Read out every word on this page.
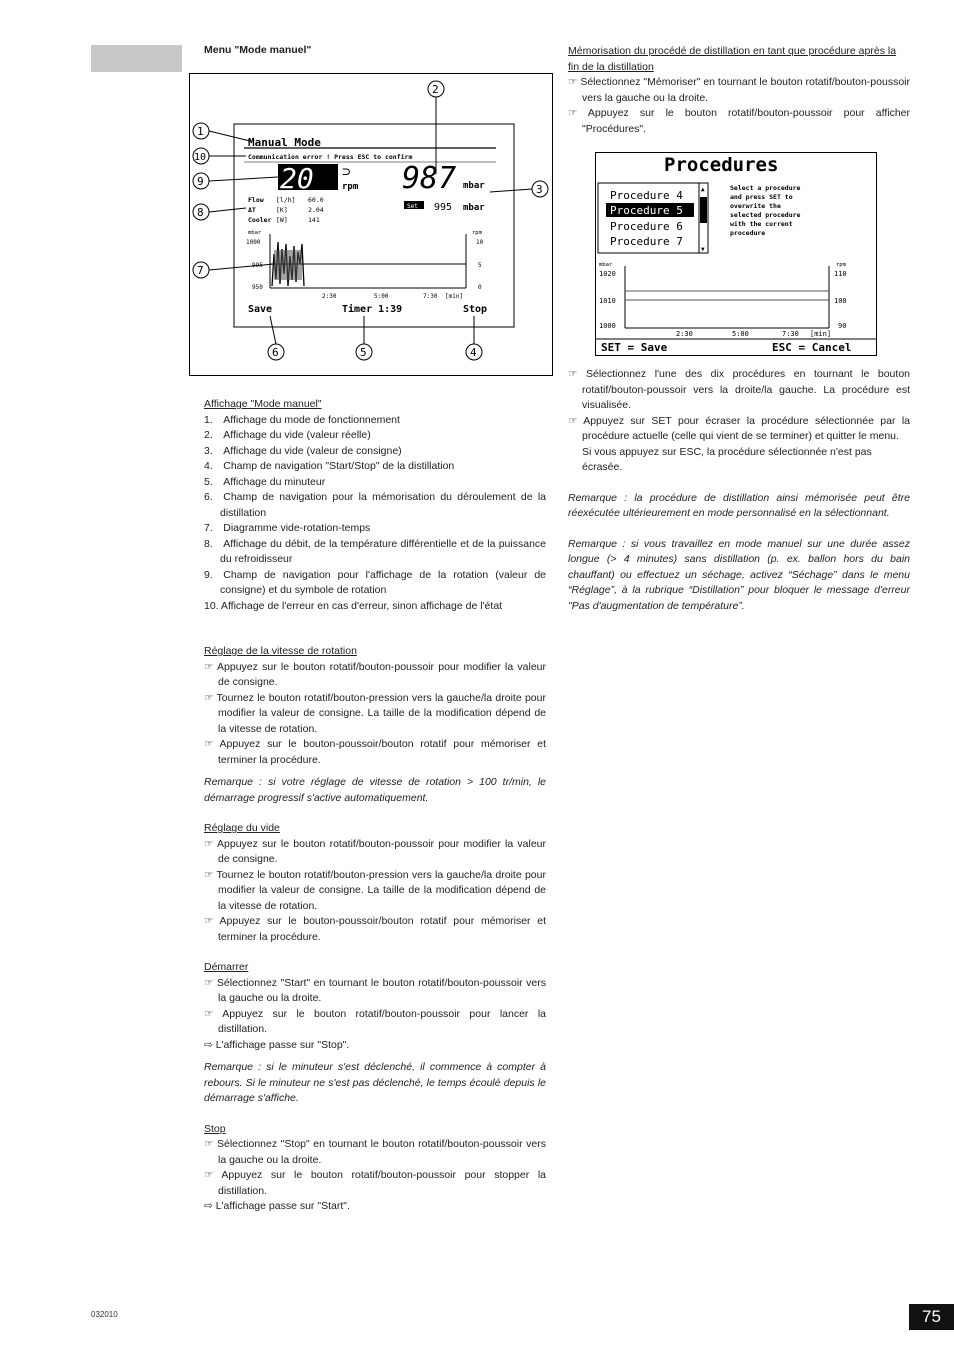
Menu "Mode manuel"
Manual Mode
Communication error ! Press ESC to confirm
20 ⊃
rpm 987 mbar
Set 995 mbar
Flow [l/h] 60.0
ΔT	[K]	2.04
Cooler [W]	141
mbar	rpm
1000
950
10
5
0
2:30	5:00	7:30 [min]
Save	Timer 1:39	Stop
1
2
3
4
5
6
7
8
9
10

Affichage "Mode manuel"

1. Affichage du mode de fonctionnement

2. Affichage du vide (valeur réelle)

3. Affichage du vide (valeur de consigne)

4. Champ de navigation "Start/Stop" de la distillation

5. Affichage du minuteur

6. Champ de navigation pour la mémorisation du déroulement de la distillation

7. Diagramme vide-rotation-temps

8. Affichage du débit, de la température différentielle et de la puissance du refroidisseur

9. Champ de navigation pour l'affichage de la rotation (valeur de consigne) et du symbole de rotation

10. Affichage de l'erreur en cas d'erreur, sinon affichage de l'état

Réglage de la vitesse de rotation

☞ Appuyez sur le bouton rotatif/bouton-poussoir pour modifier la valeur de consigne.

☞ Tournez le bouton rotatif/bouton-pression vers la gauche/la droite pour modifier la valeur de consigne. La taille de la modification dépend de la vitesse de rotation.

☞ Appuyez sur le bouton-poussoir/bouton rotatif pour mémoriser et terminer la procédure.

Remarque : si votre réglage de vitesse de rotation > 100 tr/min, le démarrage progressif s'active automatiquement.

Réglage du vide

☞ Appuyez sur le bouton rotatif/bouton-poussoir pour modifier la valeur de consigne.

☞ Tournez le bouton rotatif/bouton-pression vers la gauche/la droite pour modifier la valeur de consigne. La taille de la modification dépend de la vitesse de rotation.

☞ Appuyez sur le bouton-poussoir/bouton rotatif pour mémoriser et terminer la procédure.

Démarrer

☞ Sélectionnez "Start" en tournant le bouton rotatif/bouton-poussoir vers la gauche ou la droite.

☞ Appuyez sur le bouton rotatif/bouton-poussoir pour lancer la distillation.

⇨ L'affichage passe sur "Stop".

Remarque : si le minuteur s'est déclenché, il commence à compter à rebours. Si le minuteur ne s'est pas déclenché, le temps écoulé depuis le démarrage s'affiche.

Stop

☞ Sélectionnez "Stop" en tournant le bouton rotatif/bouton-poussoir vers la gauche ou la droite.

☞ Appuyez sur le bouton rotatif/bouton-poussoir pour stopper la distillation.

⇨ L'affichage passe sur "Start".

Mémorisation du procédé de distillation en tant que procédure après la fin de la distillation

☞ Sélectionnez "Mémoriser" en tournant le bouton rotatif/bouton-poussoir vers la gauche ou la droite.

☞ Appuyez sur le bouton rotatif/bouton-poussoir pour afficher "Procédures".

Procedures
▲
▼
Procedure 4
Procedure 5
Procedure 6
Procedure 7
Select a procedure
and press SET to
overwrite the
selected procedure
with the current
procedure
mbar	rpm
1020
1010
1000
110
100
90
2:30	5:00	7:30 [min]
SET = Save	ESC = Cancel

☞ Sélectionnez l'une des dix procédures en tournant le bouton rotatif/bouton-poussoir vers la droite/la gauche. La procédure est visualisée.

☞ Appuyez sur SET pour écraser la procédure sélectionnée par la procédure actuelle (celle qui vient de se terminer) et quitter le menu.

Si vous appuyez sur ESC, la procédure sélectionnée n'est pas écrasée.

Remarque : la procédure de distillation ainsi mémorisée peut être réexécutée ultérieurement en mode personnalisé en la sélectionnant.

Remarque : si vous travaillez en mode manuel sur une durée assez longue (> 4 minutes) sans distillation (p. ex. ballon hors du bain chauffant) ou effectuez un séchage, activez “Séchage” dans le menu “Réglage”, à la rubrique “Distillation” pour bloquer le message d'erreur "Pas d'augmentation de température”.

032010	75
